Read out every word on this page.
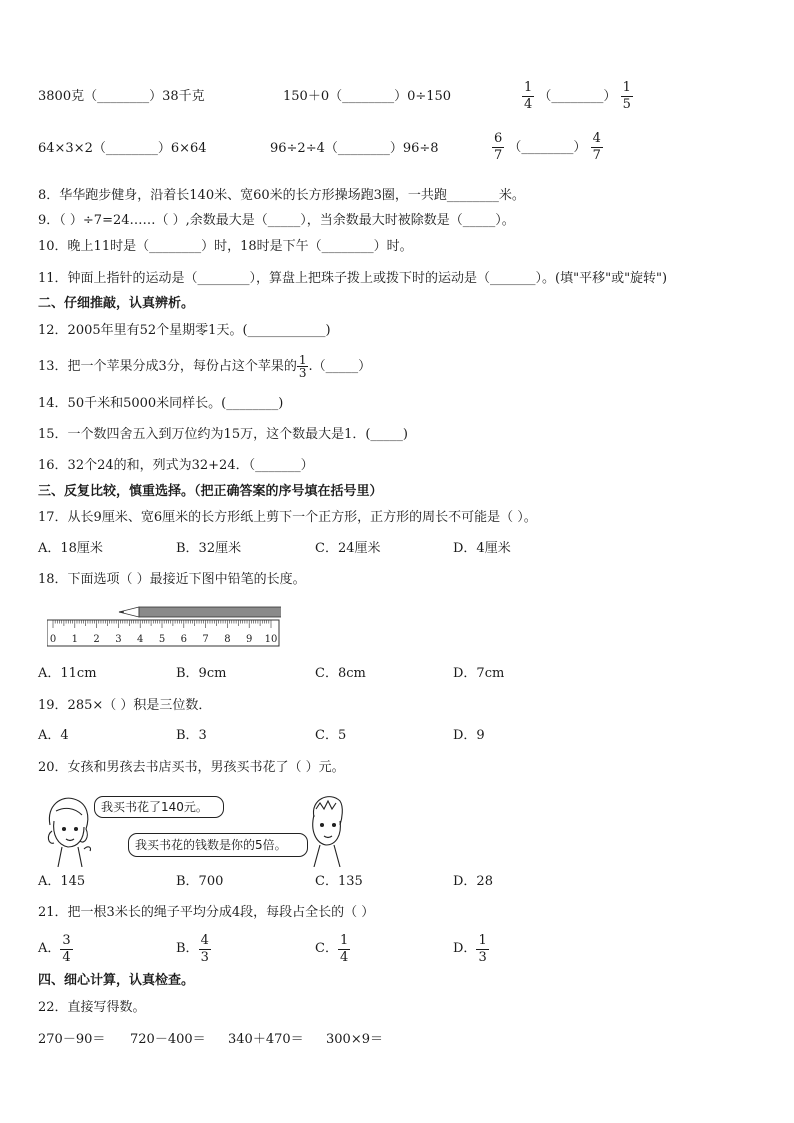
3800克（________）38千克	150＋0（________）0÷150	$\frac{1}{4}$ （________） $\frac{1}{5}$
64×3×2（________）6×64	96÷2÷4（________）96÷8	$\frac{6}{7}$ （________） $\frac{4}{7}$
8．华华跑步健身，沿着长140米、宽60米的长方形操场跑3圈，一共跑________米。
9．（ ）÷7=24……（ ）,余数最大是（_____），当余数最大时被除数是（_____）。
10．晚上11时是（________）时，18时是下午（________）时。
11．钟面上指针的运动是（________），算盘上把珠子拨上或拨下时的运动是（_______）。(填"平移"或"旋转")
二、仔细推敲，认真辨析。
12．2005年里有52个星期零1天。(____________)
13．把一个苹果分成3分，每份占这个苹果的 $\frac{1}{3}$ .（_____）
14．50千米和5000米同样长。(________)
15．一个数四舍五入到万位约为15万，这个数最大是1．(_____)
16．32个24的和，列式为32+24．（_______）
三、反复比较，慎重选择。（把正确答案的序号填在括号里）
17．从长9厘米、宽6厘米的长方形纸上剪下一个正方形，正方形的周长不可能是（ ）。
A．18厘米	B．32厘米	C．24厘米	D．4厘米
18．下面选项（ ）最接近下图中铅笔的长度。
0 1 2 3 4 5 6 7 8 9 10
A．11cm	B．9cm	C．8cm	D．7cm
19．285×（ ）积是三位数．
A．4	B．3	C．5	D．9
20．女孩和男孩去书店买书，男孩买书花了（ ）元。
我买书花了140元。
我买书花的钱数是你的5倍。
A．145	B．700	C．135	D．28
21．把一根3米长的绳子平均分成4段，每段占全长的（ ）
A． $\frac{3}{4}$	B． $\frac{4}{3}$	C． $\frac{1}{4}$	D． $\frac{1}{3}$
四、细心计算，认真检查。
22．直接写得数。
270－90＝ 720－400＝ 340＋470＝ 300×9＝
